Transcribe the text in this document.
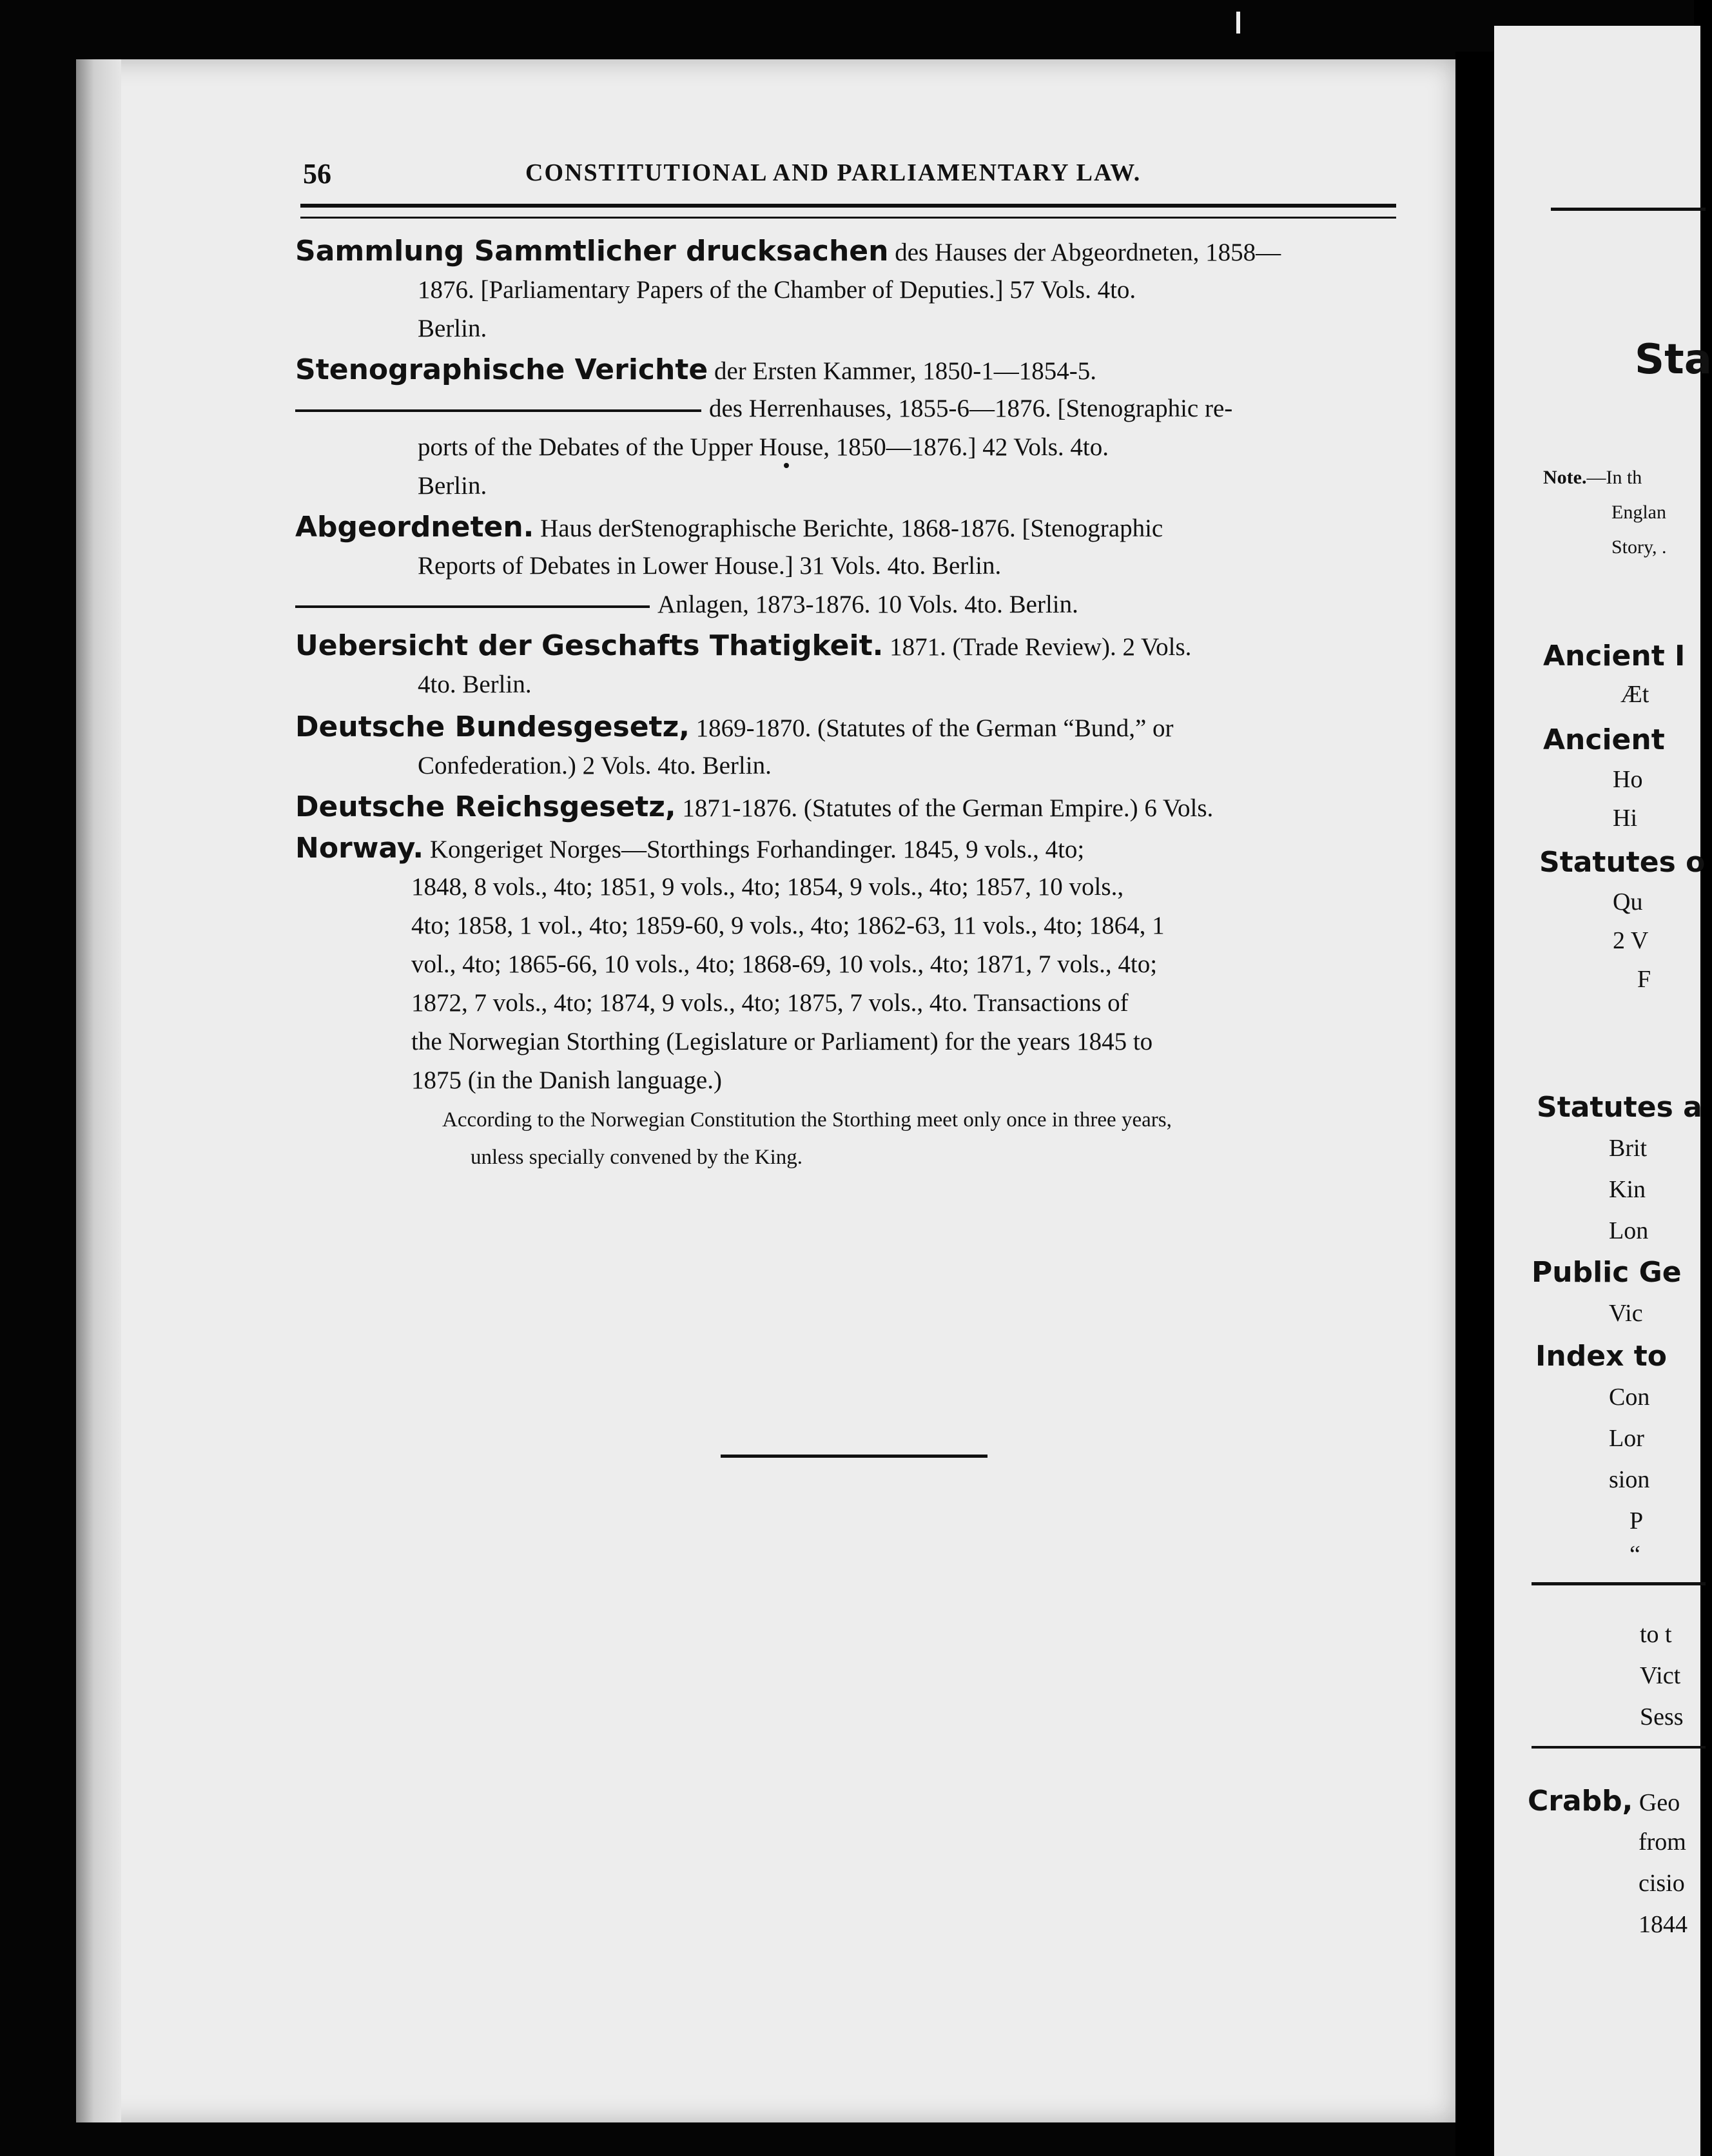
56	CONSTITUTIONAL AND PARLIAMENTARY LAW.
Sammlung Sammtlicher drucksachen des Hauses der Abgeordneten, 1858—
1876. [Parliamentary Papers of the Chamber of Deputies.] 57 Vols. 4to.
Berlin.
Stenographische Verichte der Ersten Kammer, 1850-1—1854-5.
des Herrenhauses, 1855-6—1876. [Stenographic re-
ports of the Debates of the Upper House, 1850—1876.] 42 Vols. 4to.
Berlin.
Abgeordneten. Haus derStenographische Berichte, 1868-1876. [Stenographic
Reports of Debates in Lower House.] 31 Vols. 4to. Berlin.
Anlagen, 1873-1876. 10 Vols. 4to. Berlin.
Uebersicht der Geschafts Thatigkeit. 1871. (Trade Review). 2 Vols.
4to. Berlin.
Deutsche Bundesgesetz, 1869-1870. (Statutes of the German “Bund,” or
Confederation.) 2 Vols. 4to. Berlin.
Deutsche Reichsgesetz, 1871-1876. (Statutes of the German Empire.) 6 Vols.
Norway. Kongeriget Norges—Storthings Forhandinger. 1845, 9 vols., 4to;
1848, 8 vols., 4to; 1851, 9 vols., 4to; 1854, 9 vols., 4to; 1857, 10 vols.,
4to; 1858, 1 vol., 4to; 1859-60, 9 vols., 4to; 1862-63, 11 vols., 4to; 1864, 1
vol., 4to; 1865-66, 10 vols., 4to; 1868-69, 10 vols., 4to; 1871, 7 vols., 4to;
1872, 7 vols., 4to; 1874, 9 vols., 4to; 1875, 7 vols., 4to. Transactions of
the Norwegian Storthing (Legislature or Parliament) for the years 1845 to
1875 (in the Danish language.)
According to the Norwegian Constitution the Storthing meet only once in three years,
unless specially convened by the King.
Sta
Note.—In th
Englan
Story, .
Ancient I
Æt
Ancient
Ho
Hi
Statutes o
Qu
2 V
F
Statutes a
Brit
Kin
Lon
Public Ge
Vic
Index to
Con
Lor
sion
P
“
to t
Vict
Sess
Crabb, Geo
from
cisio
1844
